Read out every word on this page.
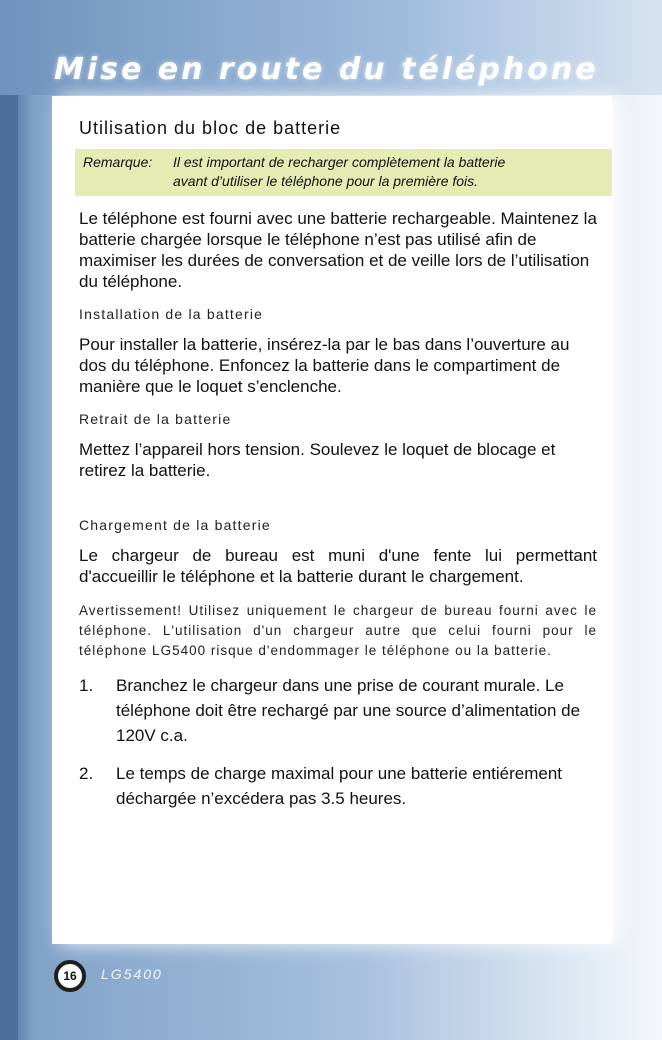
Mise en route du téléphone
Utilisation du bloc de batterie
Remarque: Il est important de recharger complètement la batterie
avant d’utiliser le téléphone pour la première fois.

Le téléphone est fourni avec une batterie rechargeable. Maintenez la batterie chargée lorsque le téléphone n’est pas utilisé afin de maximiser les durées de conversation et de veille lors de l’utilisation du téléphone.

Installation de la batterie

Pour installer la batterie, insérez-la par le bas dans l’ouverture au dos du téléphone. Enfoncez la batterie dans le compartiment de manière que le loquet s’enclenche.

Retrait de la batterie

Mettez l’appareil hors tension. Soulevez le loquet de blocage et retirez la batterie.

Chargement de la batterie

Le chargeur de bureau est muni d'une fente lui permettant d'accueillir le téléphone et la batterie durant le chargement.

Avertissement! Utilisez uniquement le chargeur de bureau fourni avec le téléphone. L'utilisation d'un chargeur autre que celui fourni pour le téléphone LG5400 risque d'endommager le téléphone ou la batterie.

1. Branchez le chargeur dans une prise de courant murale. Le téléphone doit être rechargé par une source d’alimentation de 120V c.a.
2. Le temps de charge maximal pour une batterie entiérement déchargée n’excédera pas 3.5 heures.
16 LG5400
